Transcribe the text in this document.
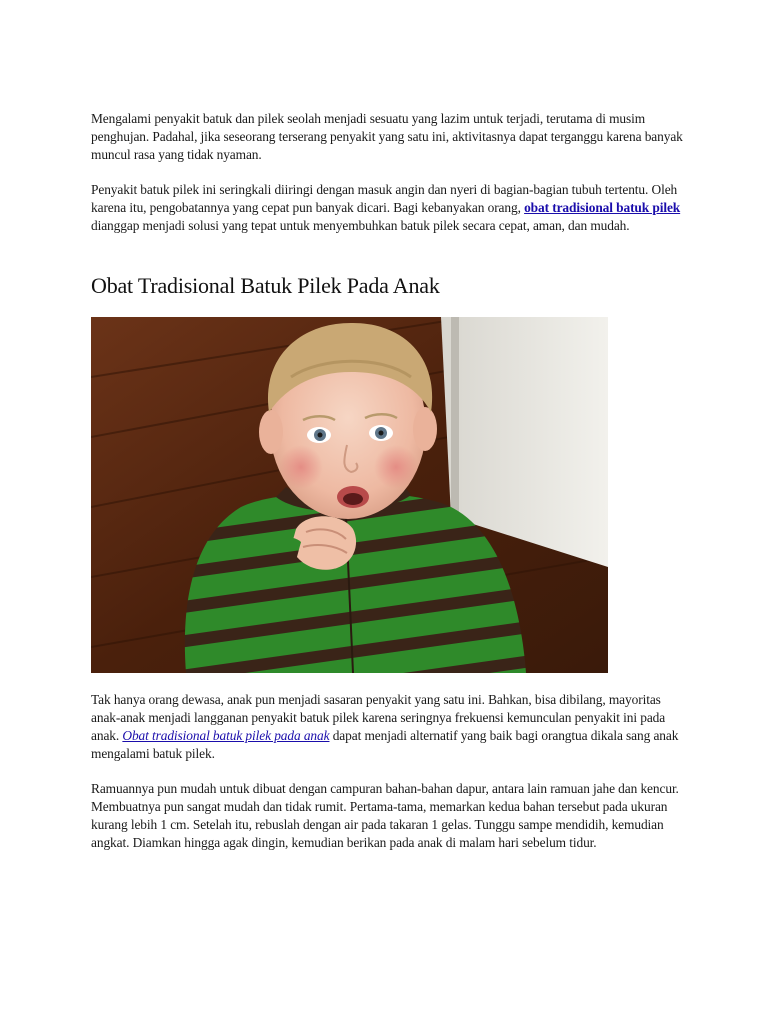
Mengalami penyakit batuk dan pilek seolah menjadi sesuatu yang lazim untuk terjadi, terutama di musim penghujan. Padahal, jika seseorang terserang penyakit yang satu ini, aktivitasnya dapat terganggu karena banyak muncul rasa yang tidak nyaman.

Penyakit batuk pilek ini seringkali diiringi dengan masuk angin dan nyeri di bagian-bagian tubuh tertentu. Oleh karena itu, pengobatannya yang cepat pun banyak dicari. Bagi kebanyakan orang, obat tradisional batuk pilek dianggap menjadi solusi yang tepat untuk menyembuhkan batuk pilek secara cepat, aman, dan mudah.

Obat Tradisional Batuk Pilek Pada Anak

Tak hanya orang dewasa, anak pun menjadi sasaran penyakit yang satu ini. Bahkan, bisa dibilang, mayoritas anak-anak menjadi langganan penyakit batuk pilek karena seringnya frekuensi kemunculan penyakit ini pada anak. Obat tradisional batuk pilek pada anak dapat menjadi alternatif yang baik bagi orangtua dikala sang anak mengalami batuk pilek.

Ramuannya pun mudah untuk dibuat dengan campuran bahan-bahan dapur, antara lain ramuan jahe dan kencur. Membuatnya pun sangat mudah dan tidak rumit. Pertama-tama, memarkan kedua bahan tersebut pada ukuran kurang lebih 1 cm. Setelah itu, rebuslah dengan air pada takaran 1 gelas. Tunggu sampe mendidih, kemudian angkat. Diamkan hingga agak dingin, kemudian berikan pada anak di malam hari sebelum tidur.
